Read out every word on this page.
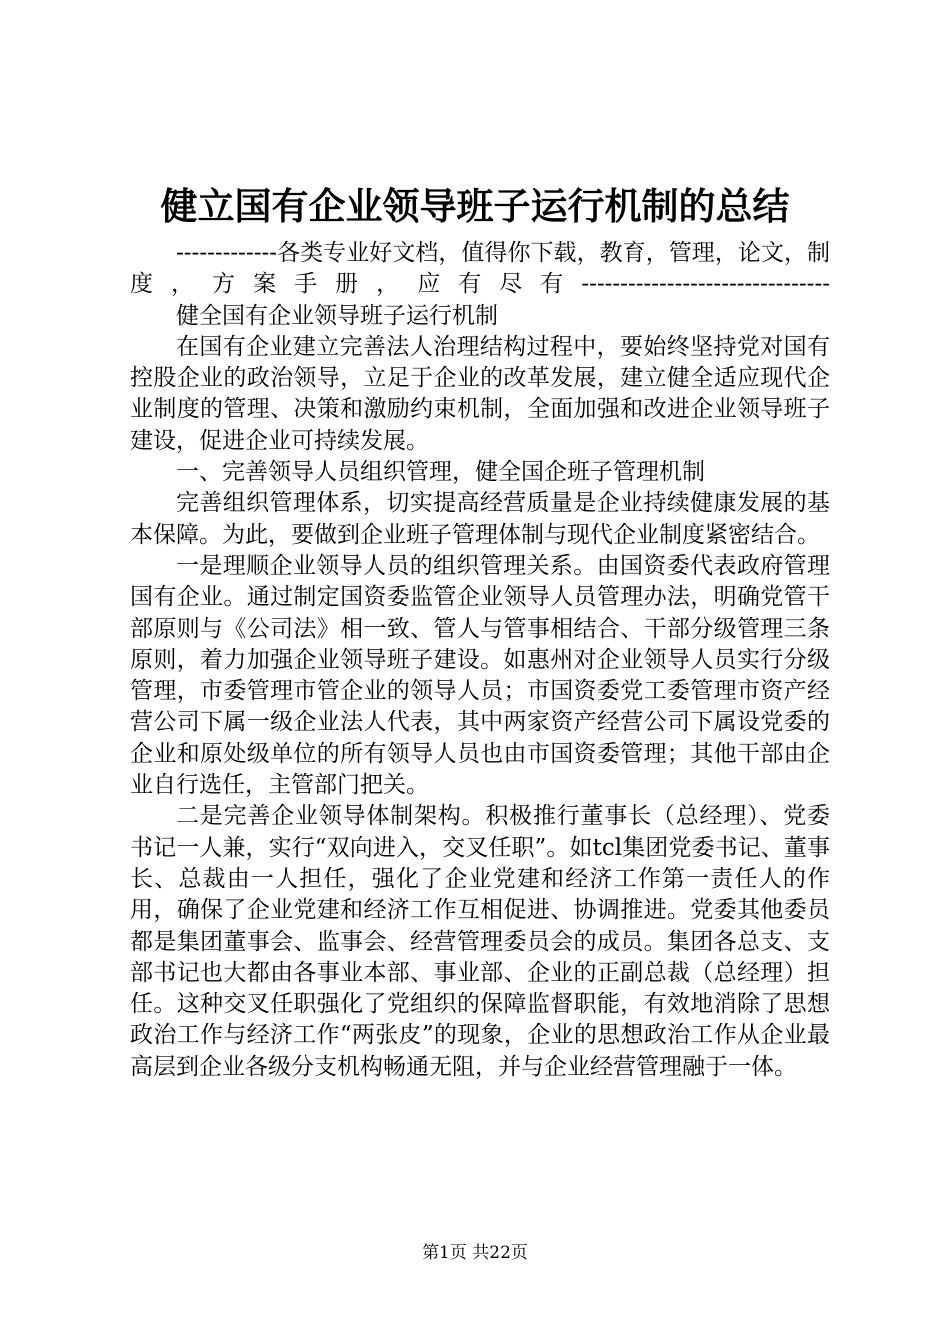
健立国有企业领导班子运行机制的总结

-------------各类专业好文档，值得你下载，教育，管理，论文，制度，方案手册，应有尽有--------------------------------

健全国有企业领导班子运行机制

在国有企业建立完善法人治理结构过程中，要始终坚持党对国有控股企业的政治领导，立足于企业的改革发展，建立健全适应现代企业制度的管理、决策和激励约束机制，全面加强和改进企业领导班子建设，促进企业可持续发展。

一、完善领导人员组织管理，健全国企班子管理机制

完善组织管理体系，切实提高经营质量是企业持续健康发展的基本保障。为此，要做到企业班子管理体制与现代企业制度紧密结合。

一是理顺企业领导人员的组织管理关系。由国资委代表政府管理国有企业。通过制定国资委监管企业领导人员管理办法，明确党管干部原则与《公司法》相一致、管人与管事相结合、干部分级管理三条原则，着力加强企业领导班子建设。如惠州对企业领导人员实行分级管理，市委管理市管企业的领导人员；市国资委党工委管理市资产经营公司下属一级企业法人代表，其中两家资产经营公司下属设党委的企业和原处级单位的所有领导人员也由市国资委管理；其他干部由企业自行选任，主管部门把关。

二是完善企业领导体制架构。积极推行董事长（总经理）、党委书记一人兼，实行“双向进入，交叉任职”。如tcl集团党委书记、董事长、总裁由一人担任，强化了企业党建和经济工作第一责任人的作用，确保了企业党建和经济工作互相促进、协调推进。党委其他委员都是集团董事会、监事会、经营管理委员会的成员。集团各总支、支部书记也大都由各事业本部、事业部、企业的正副总裁（总经理）担任。这种交叉任职强化了党组织的保障监督职能，有效地消除了思想政治工作与经济工作“两张皮”的现象，企业的思想政治工作从企业最高层到企业各级分支机构畅通无阻，并与企业经营管理融于一体。

第1页 共22页
